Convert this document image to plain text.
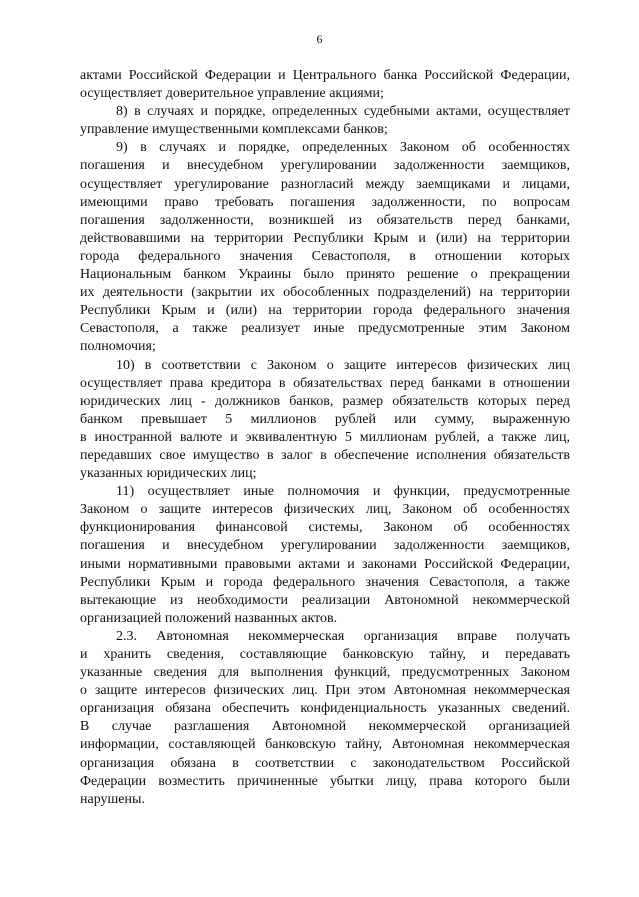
6
актами Российской Федерации и Центрального банка Российской Федерации,
осуществляет доверительное управление акциями;
8) в случаях и порядке, определенных судебными актами, осуществляет
управление имущественными комплексами банков;
9) в случаях и порядке, определенных Законом об особенностях
погашения и внесудебном урегулировании задолженности заемщиков,
осуществляет урегулирование разногласий между заемщиками и лицами,
имеющими право требовать погашения задолженности, по вопросам
погашения задолженности, возникшей из обязательств перед банками,
действовавшими на территории Республики Крым и (или) на территории
города федерального значения Севастополя, в отношении которых
Национальным банком Украины было принято решение о прекращении
их деятельности (закрытии их обособленных подразделений) на территории
Республики Крым и (или) на территории города федерального значения
Севастополя, а также реализует иные предусмотренные этим Законом
полномочия;
10) в соответствии с Законом о защите интересов физических лиц
осуществляет права кредитора в обязательствах перед банками в отношении
юридических лиц - должников банков, размер обязательств которых перед
банком превышает 5 миллионов рублей или сумму, выраженную
в иностранной валюте и эквивалентную 5 миллионам рублей, а также лиц,
передавших свое имущество в залог в обеспечение исполнения обязательств
указанных юридических лиц;
11) осуществляет иные полномочия и функции, предусмотренные
Законом о защите интересов физических лиц, Законом об особенностях
функционирования финансовой системы, Законом об особенностях
погашения и внесудебном урегулировании задолженности заемщиков,
иными нормативными правовыми актами и законами Российской Федерации,
Республики Крым и города федерального значения Севастополя, а также
вытекающие из необходимости реализации Автономной некоммерческой
организацией положений названных актов.
2.3. Автономная некоммерческая организация вправе получать
и хранить сведения, составляющие банковскую тайну, и передавать
указанные сведения для выполнения функций, предусмотренных Законом
о защите интересов физических лиц. При этом Автономная некоммерческая
организация обязана обеспечить конфиденциальность указанных сведений.
В случае разглашения Автономной некоммерческой организацией
информации, составляющей банковскую тайну, Автономная некоммерческая
организация обязана в соответствии с законодательством Российской
Федерации возместить причиненные убытки лицу, права которого были
нарушены.
